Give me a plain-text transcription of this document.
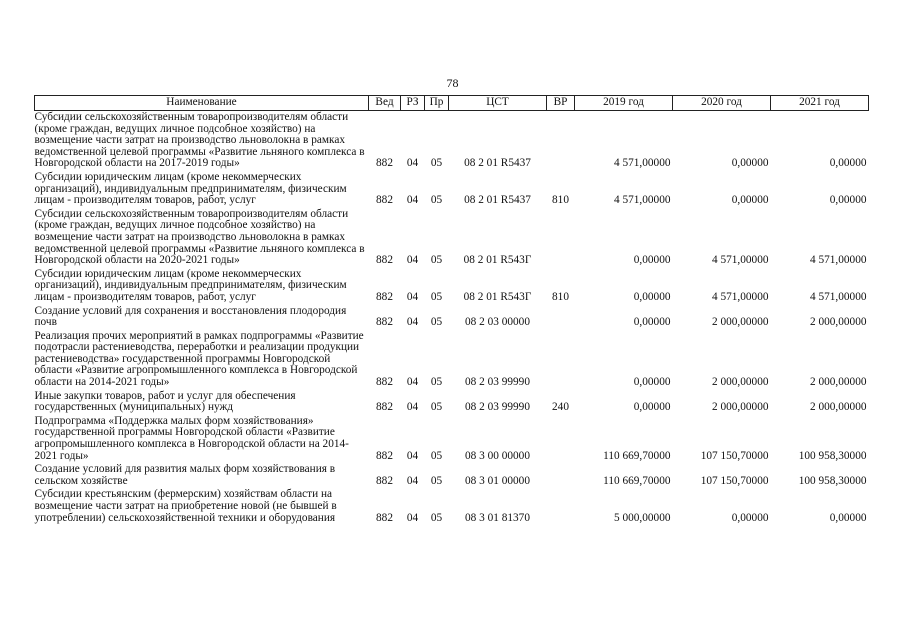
78
Наименование	Вед	РЗ	Пр	ЦСТ	ВР	2019 год	2020 год	2021 год
Субсидии сельскохозяйственным товаропроизводителям области (кроме граждан, ведущих личное подсобное хозяйство) на возмещение части затрат на производство льноволокна в рамках ведомственной целевой программы «Развитие льняного комплекса в Новгородской области на 2017-2019 годы»	882	04	05	08 2 01 R5437		4 571,00000	0,00000	0,00000
Субсидии юридическим лицам (кроме некоммерческих организаций), индивидуальным предпринимателям, физическим лицам - производителям товаров, работ, услуг	882	04	05	08 2 01 R5437	810	4 571,00000	0,00000	0,00000
Субсидии сельскохозяйственным товаропроизводителям области (кроме граждан, ведущих личное подсобное хозяйство) на возмещение части затрат на производство льноволокна в рамках ведомственной целевой программы «Развитие льняного комплекса в Новгородской области на 2020-2021 годы»	882	04	05	08 2 01 R543Г		0,00000	4 571,00000	4 571,00000
Субсидии юридическим лицам (кроме некоммерческих организаций), индивидуальным предпринимателям, физическим лицам - производителям товаров, работ, услуг	882	04	05	08 2 01 R543Г	810	0,00000	4 571,00000	4 571,00000
Создание условий для сохранения и восстановления плодородия почв	882	04	05	08 2 03 00000		0,00000	2 000,00000	2 000,00000
Реализация прочих мероприятий в рамках подпрограммы «Развитие подотрасли растениеводства, переработки и реализации продукции растениеводства» государственной программы Новгородской области «Развитие агропромышленного комплекса в Новгородской области на 2014-2021 годы»	882	04	05	08 2 03 99990		0,00000	2 000,00000	2 000,00000
Иные закупки товаров, работ и услуг для обеспечения государственных (муниципальных) нужд	882	04	05	08 2 03 99990	240	0,00000	2 000,00000	2 000,00000
Подпрограмма «Поддержка малых форм хозяйствования» государственной программы Новгородской области «Развитие агропромышленного комплекса в Новгородской области на 2014-2021 годы»	882	04	05	08 3 00 00000		110 669,70000	107 150,70000	100 958,30000
Создание условий для развития малых форм хозяйствования в сельском хозяйстве	882	04	05	08 3 01 00000		110 669,70000	107 150,70000	100 958,30000
Субсидии крестьянским (фермерским) хозяйствам области на возмещение части затрат на приобретение новой (не бывшей в употреблении) сельскохозяйственной техники и оборудования	882	04	05	08 3 01 81370		5 000,00000	0,00000	0,00000
